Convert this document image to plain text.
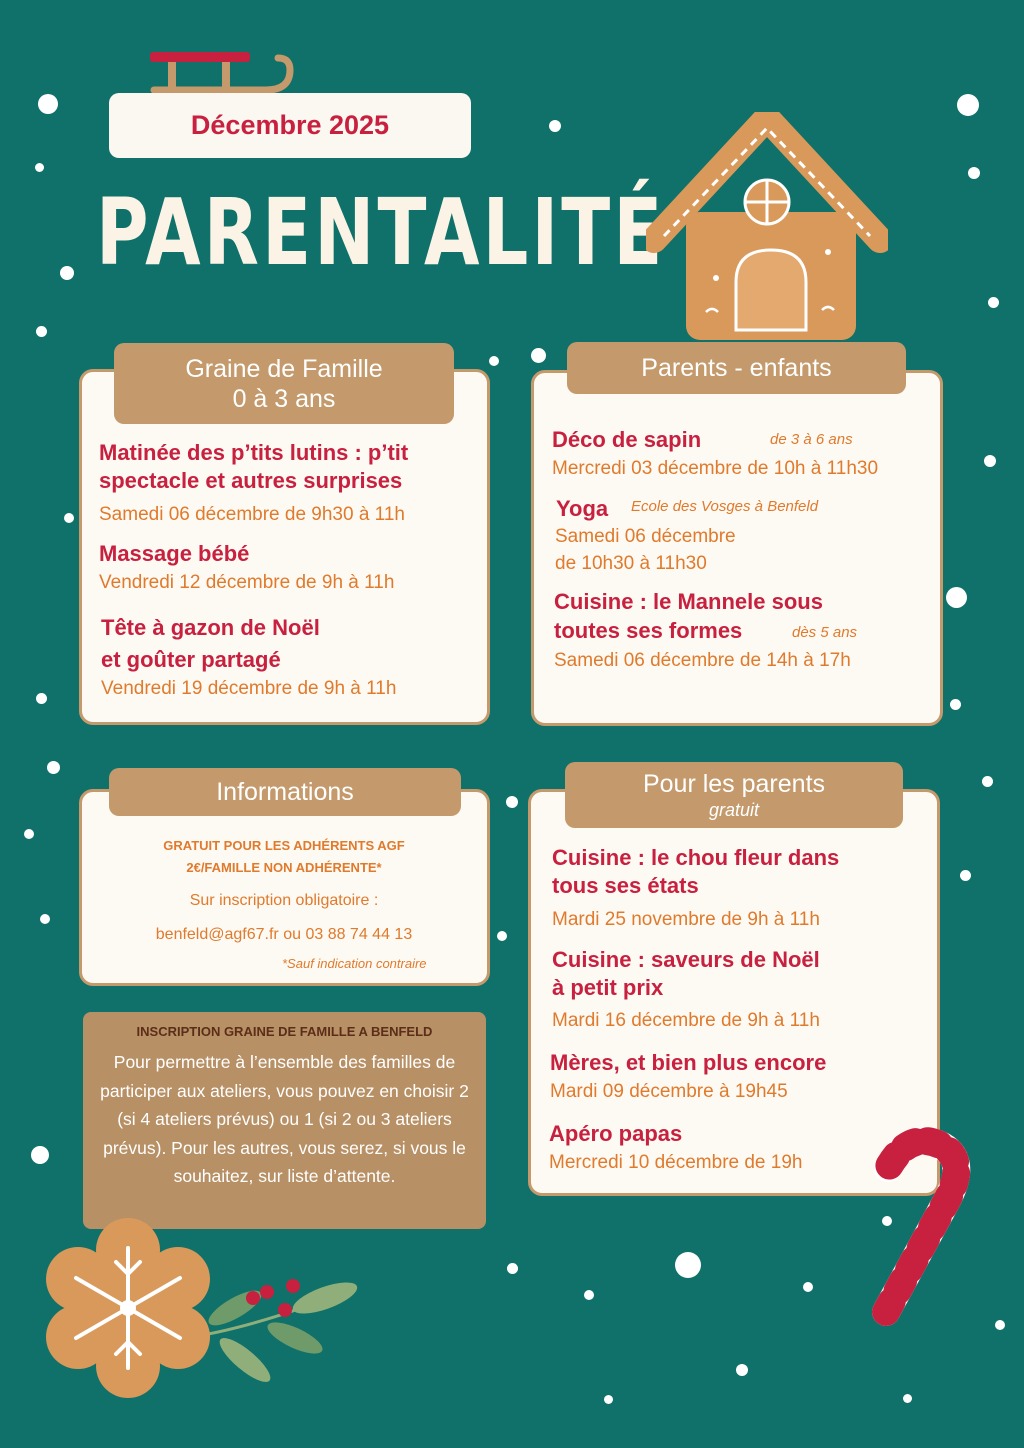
Décembre 2025
PARENTALITÉ
Graine de Famille
0 à 3 ans
Matinée des p’tits lutins : p’tit
spectacle et autres surprises
Samedi 06 décembre de 9h30 à 11h
Massage bébé
Vendredi 12 décembre de 9h à 11h
Tête à gazon de Noël
et goûter partagé
Vendredi 19 décembre de 9h à 11h
Parents - enfants
Déco de sapin	de 3 à 6 ans
Mercredi 03 décembre de 10h à 11h30
Yoga Ecole des Vosges à Benfeld
Samedi 06 décembre
de 10h30 à 11h30
Cuisine : le Mannele sous
toutes ses formes	dès 5 ans
Samedi 06 décembre de 14h à 17h
Informations
GRATUIT POUR LES ADHÉRENTS AGF
2€/FAMILLE NON ADHÉRENTE*
Sur inscription obligatoire :
benfeld@agf67.fr ou 03 88 74 44 13
*Sauf indication contraire
INSCRIPTION GRAINE DE FAMILLE A BENFELD
Pour permettre à l’ensemble des familles de participer aux ateliers, vous pouvez en choisir 2 (si 4 ateliers prévus) ou 1 (si 2 ou 3 ateliers prévus). Pour les autres, vous serez, si vous le souhaitez, sur liste d’attente.
Pour les parents
gratuit
Cuisine : le chou fleur dans
tous ses états
Mardi 25 novembre de 9h à 11h
Cuisine : saveurs de Noël
à petit prix
Mardi 16 décembre de 9h à 11h
Mères, et bien plus encore
Mardi 09 décembre à 19h45
Apéro papas
Mercredi 10 décembre de 19h
